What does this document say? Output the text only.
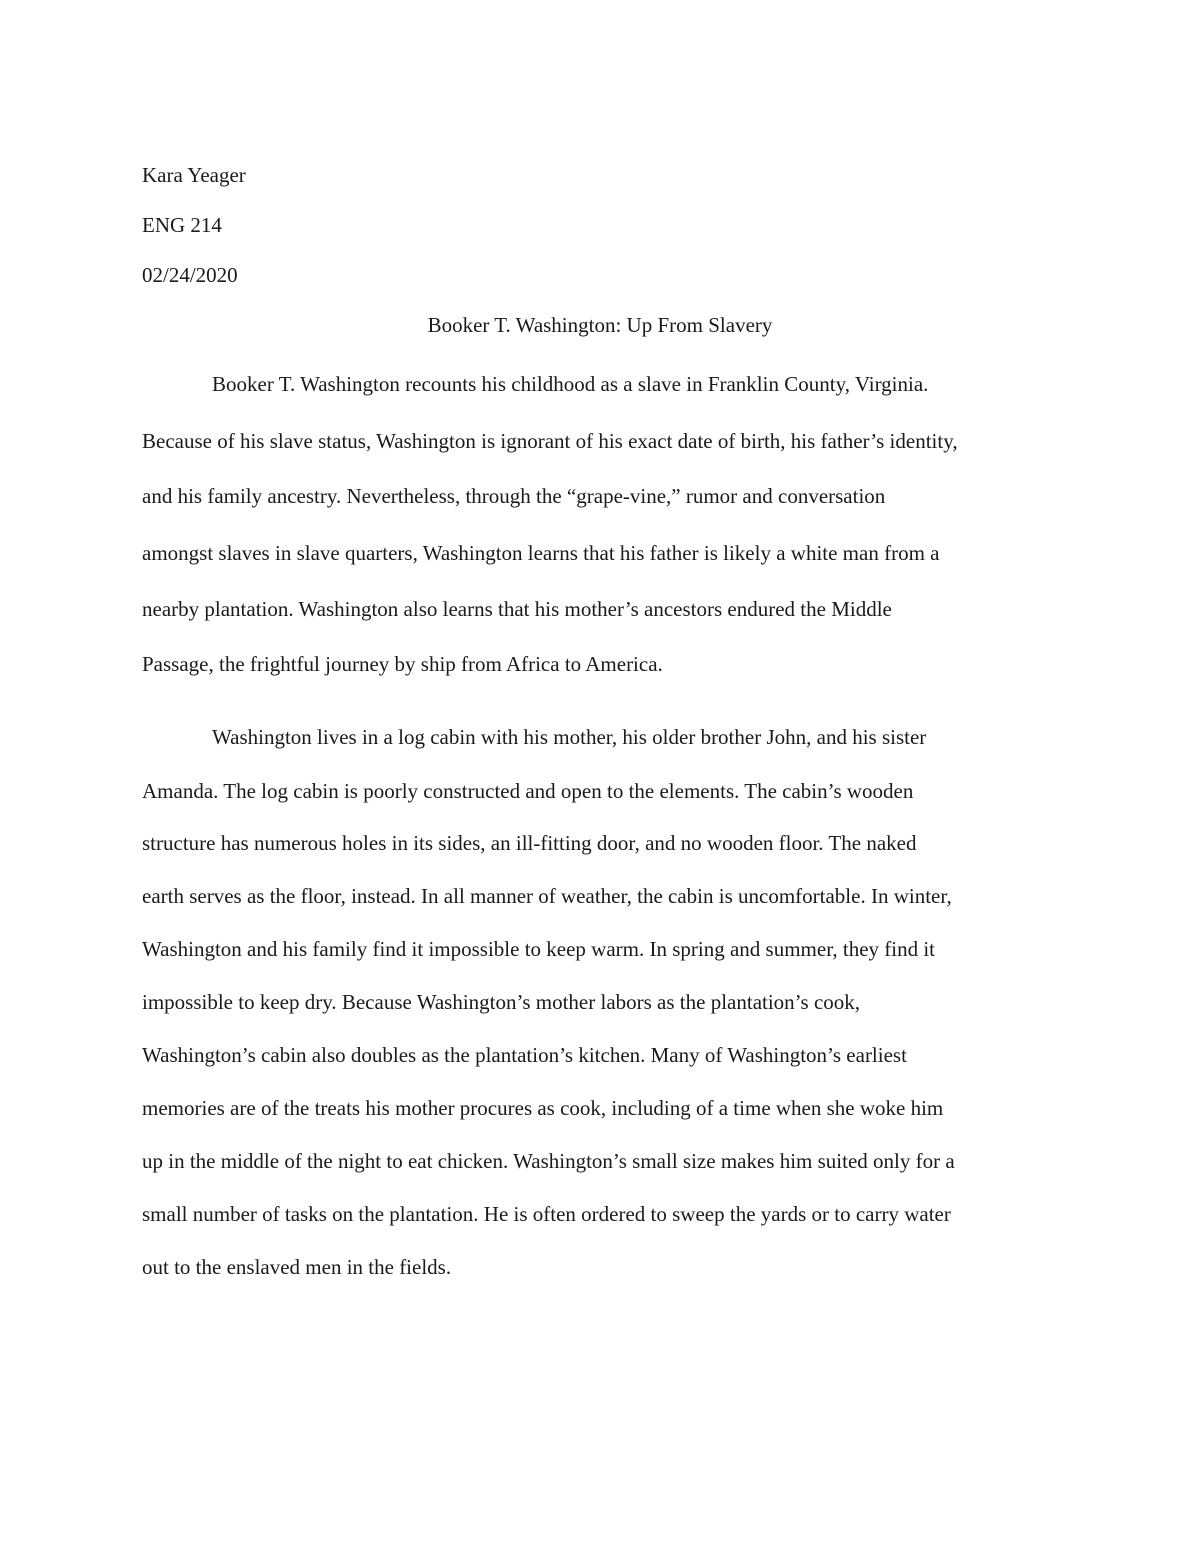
Kara Yeager
ENG 214
02/24/2020
Booker T. Washington: Up From Slavery
Booker T. Washington recounts his childhood as a slave in Franklin County, Virginia.
Because of his slave status, Washington is ignorant of his exact date of birth, his father’s identity,
and his family ancestry. Nevertheless, through the “grape-vine,” rumor and conversation
amongst slaves in slave quarters, Washington learns that his father is likely a white man from a
nearby plantation. Washington also learns that his mother’s ancestors endured the Middle
Passage, the frightful journey by ship from Africa to America.
Washington lives in a log cabin with his mother, his older brother John, and his sister
Amanda. The log cabin is poorly constructed and open to the elements. The cabin’s wooden
structure has numerous holes in its sides, an ill-fitting door, and no wooden floor. The naked
earth serves as the floor, instead. In all manner of weather, the cabin is uncomfortable. In winter,
Washington and his family find it impossible to keep warm. In spring and summer, they find it
impossible to keep dry. Because Washington’s mother labors as the plantation’s cook,
Washington’s cabin also doubles as the plantation’s kitchen. Many of Washington’s earliest
memories are of the treats his mother procures as cook, including of a time when she woke him
up in the middle of the night to eat chicken. Washington’s small size makes him suited only for a
small number of tasks on the plantation. He is often ordered to sweep the yards or to carry water
out to the enslaved men in the fields.
